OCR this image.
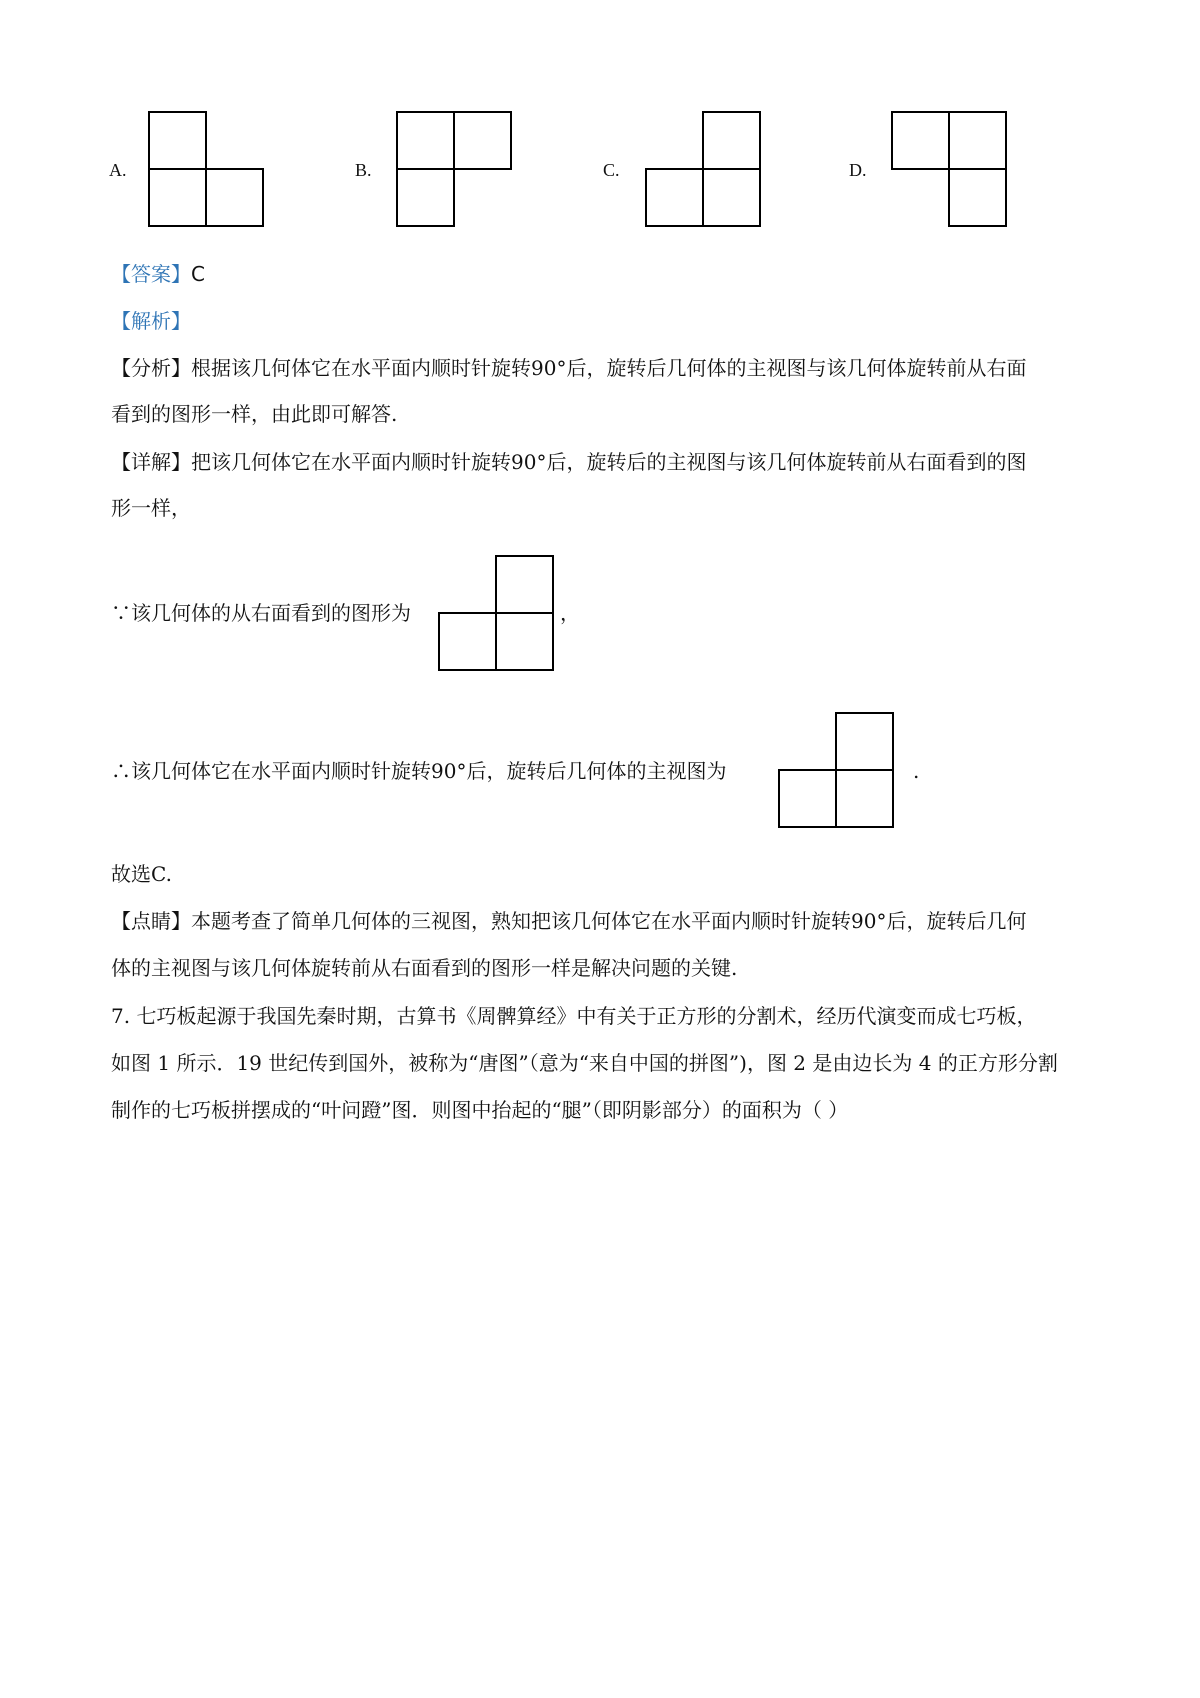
A.	B.	C.	D.
【答案】C
【解析】
【分析】根据该几何体它在水平面内顺时针旋转90°后，旋转后几何体的主视图与该几何体旋转前从右面
看到的图形一样，由此即可解答.
【详解】把该几何体它在水平面内顺时针旋转90°后，旋转后的主视图与该几何体旋转前从右面看到的图
形一样，
∵该几何体的从右面看到的图形为	，
∴该几何体它在水平面内顺时针旋转90°后，旋转后几何体的主视图为	.
故选C.
【点睛】本题考查了简单几何体的三视图，熟知把该几何体它在水平面内顺时针旋转90°后，旋转后几何
体的主视图与该几何体旋转前从右面看到的图形一样是解决问题的关键.
7. 七巧板起源于我国先秦时期，古算书《周髀算经》中有关于正方形的分割术，经历代演变而成七巧板，
如图 1 所示．19 世纪传到国外，被称为“唐图”（意为“来自中国的拼图”)，图 2 是由边长为 4 的正方形分割
制作的七巧板拼摆成的“叶问蹬”图．则图中抬起的“腿”（即阴影部分）的面积为（ ）
